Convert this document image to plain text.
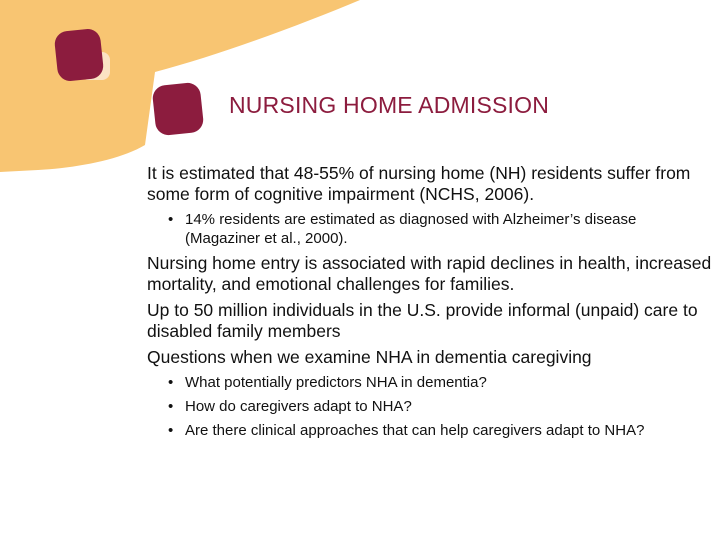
NURSING HOME ADMISSION

It is estimated that 48-55% of nursing home (NH) residents suffer from some form of cognitive impairment (NCHS, 2006).

• 14% residents are estimated as diagnosed with Alzheimer’s disease (Magaziner et al., 2000).

Nursing home entry is associated with rapid declines in health, increased mortality, and emotional challenges for families.

Up to 50 million individuals in the U.S. provide informal (unpaid) care to disabled family members

Questions when we examine NHA in dementia caregiving

• What potentially predictors NHA in dementia?
• How do caregivers adapt to NHA?
• Are there clinical approaches that can help caregivers adapt to NHA?
